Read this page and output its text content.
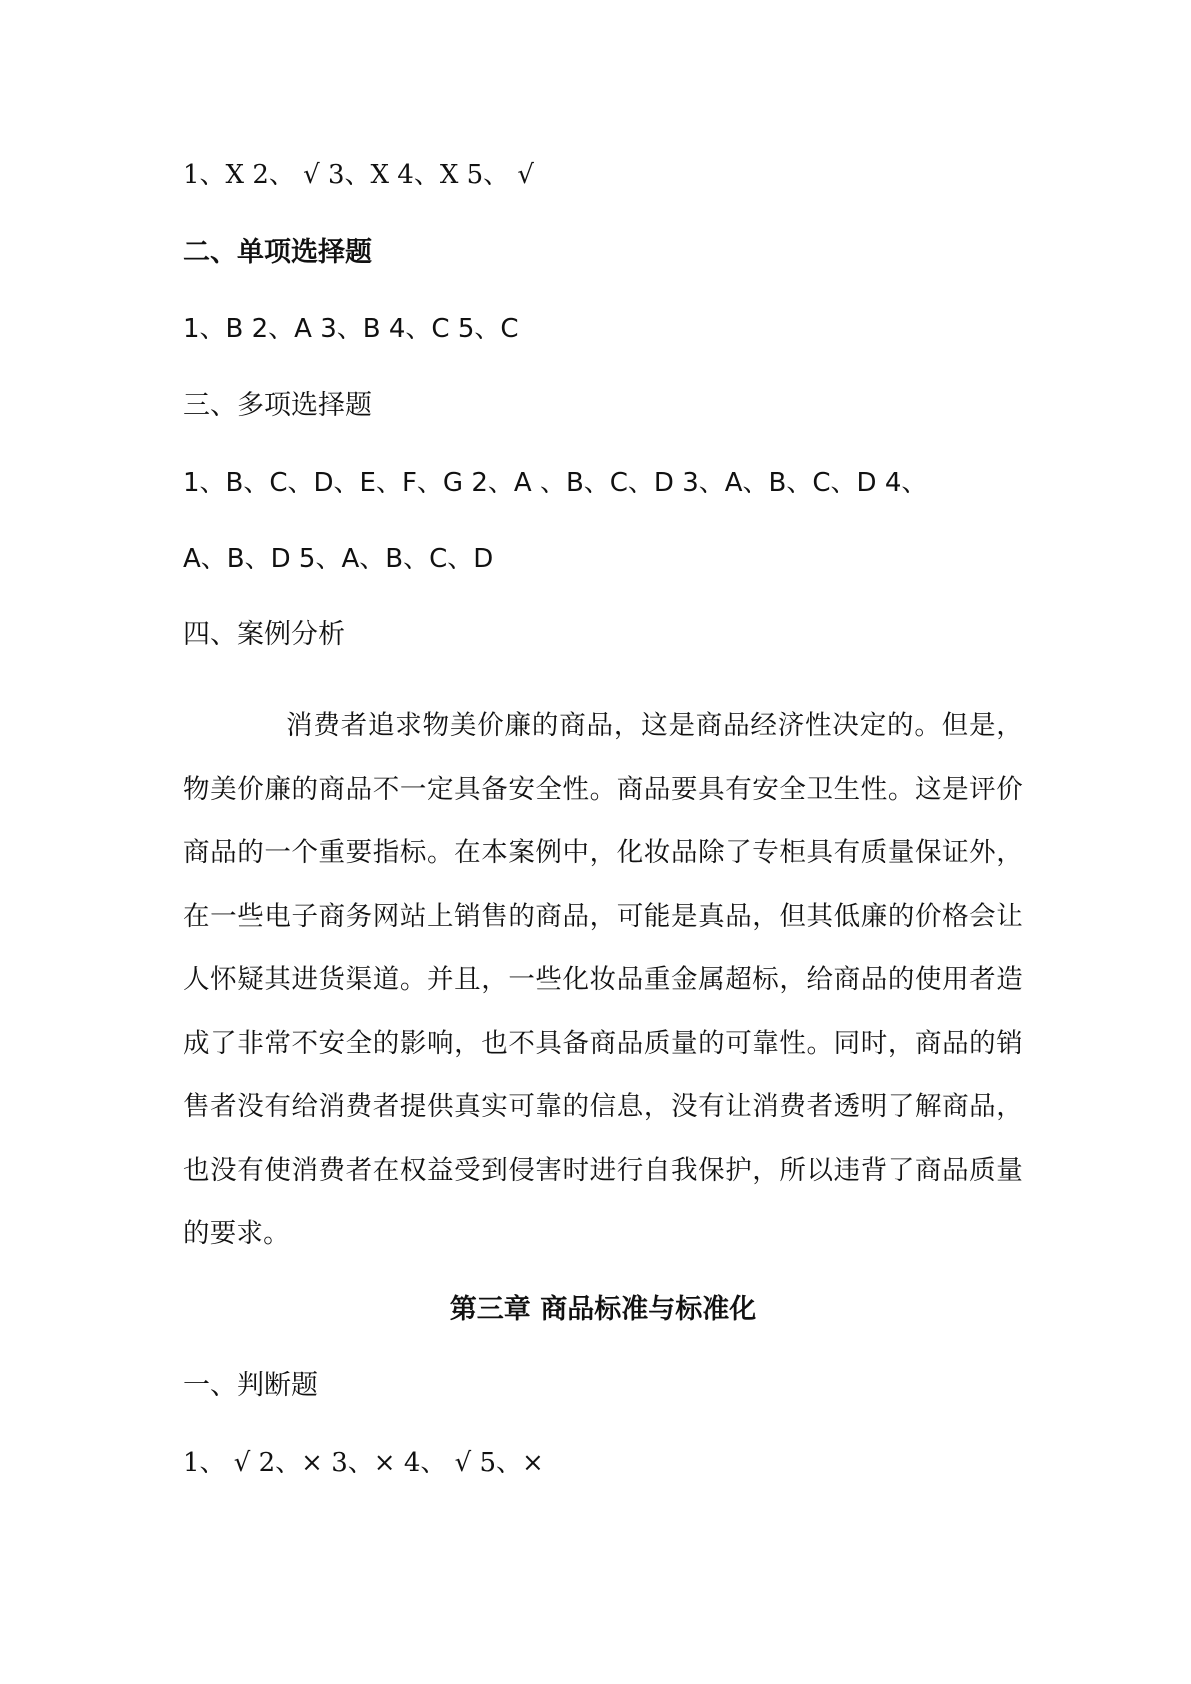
1、X 2、 √ 3、X 4、X 5、 √
二、单项选择题
1、B 2、A 3、B 4、C 5、C
三、多项选择题
1、B、C、D、E、F、G 2、A 、B、C、D 3、A、B、C、D 4、
A、B、D 5、A、B、C、D
四、案例分析
消费者追求物美价廉的商品，这是商品经济性决定的。但是，物美价廉的商品不一定具备安全性。商品要具有安全卫生性。这是评价商品的一个重要指标。在本案例中，化妆品除了专柜具有质量保证外，在一些电子商务网站上销售的商品，可能是真品，但其低廉的价格会让人怀疑其进货渠道。并且，一些化妆品重金属超标，给商品的使用者造成了非常不安全的影响，也不具备商品质量的可靠性。同时，商品的销售者没有给消费者提供真实可靠的信息，没有让消费者透明了解商品，也没有使消费者在权益受到侵害时进行自我保护，所以违背了商品质量的要求。
第三章 商品标准与标准化
一、判断题
1、 √ 2、× 3、× 4、 √ 5、×
